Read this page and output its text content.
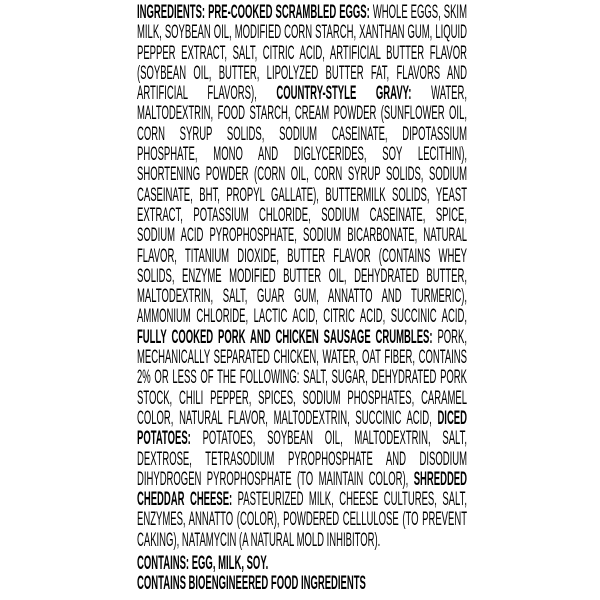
INGREDIENTS: PRE-COOKED SCRAMBLED EGGS: WHOLE EGGS, SKIM MILK, SOYBEAN OIL, MODIFIED CORN STARCH, XANTHAN GUM, LIQUID PEPPER EXTRACT, SALT, CITRIC ACID, ARTIFICIAL BUTTER FLAVOR (SOYBEAN OIL, BUTTER, LIPOLYZED BUTTER FAT, FLAVORS AND ARTIFICIAL FLAVORS), COUNTRY-STYLE GRAVY: WATER, MALTODEXTRIN, FOOD STARCH, CREAM POWDER (SUNFLOWER OIL, CORN SYRUP SOLIDS, SODIUM CASEINATE, DIPOTASSIUM PHOSPHATE, MONO AND DIGLYCERIDES, SOY LECITHIN), SHORTENING POWDER (CORN OIL, CORN SYRUP SOLIDS, SODIUM CASEINATE, BHT, PROPYL GALLATE), BUTTERMILK SOLIDS, YEAST EXTRACT, POTASSIUM CHLORIDE, SODIUM CASEINATE, SPICE, SODIUM ACID PYROPHOSPHATE, SODIUM BICARBONATE, NATURAL FLAVOR, TITANIUM DIOXIDE, BUTTER FLAVOR (CONTAINS WHEY SOLIDS, ENZYME MODIFIED BUTTER OIL, DEHYDRATED BUTTER, MALTODEXTRIN, SALT, GUAR GUM, ANNATTO AND TURMERIC), AMMONIUM CHLORIDE, LACTIC ACID, CITRIC ACID, SUCCINIC ACID, FULLY COOKED PORK AND CHICKEN SAUSAGE CRUMBLES: PORK, MECHANICALLY SEPARATED CHICKEN, WATER, OAT FIBER, CONTAINS 2% OR LESS OF THE FOLLOWING: SALT, SUGAR, DEHYDRATED PORK STOCK, CHILI PEPPER, SPICES, SODIUM PHOSPHATES, CARAMEL COLOR, NATURAL FLAVOR, MALTODEXTRIN, SUCCINIC ACID, DICED POTATOES: POTATOES, SOYBEAN OIL, MALTODEXTRIN, SALT, DEXTROSE, TETRASODIUM PYROPHOSPHATE AND DISODIUM DIHYDROGEN PYROPHOSPHATE (TO MAINTAIN COLOR), SHREDDED CHEDDAR CHEESE: PASTEURIZED MILK, CHEESE CULTURES, SALT, ENZYMES, ANNATTO (COLOR), POWDERED CELLULOSE (TO PREVENT CAKING), NATAMYCIN (A NATURAL MOLD INHIBITOR).
CONTAINS: EGG, MILK, SOY.
CONTAINS BIOENGINEERED FOOD INGREDIENTS
